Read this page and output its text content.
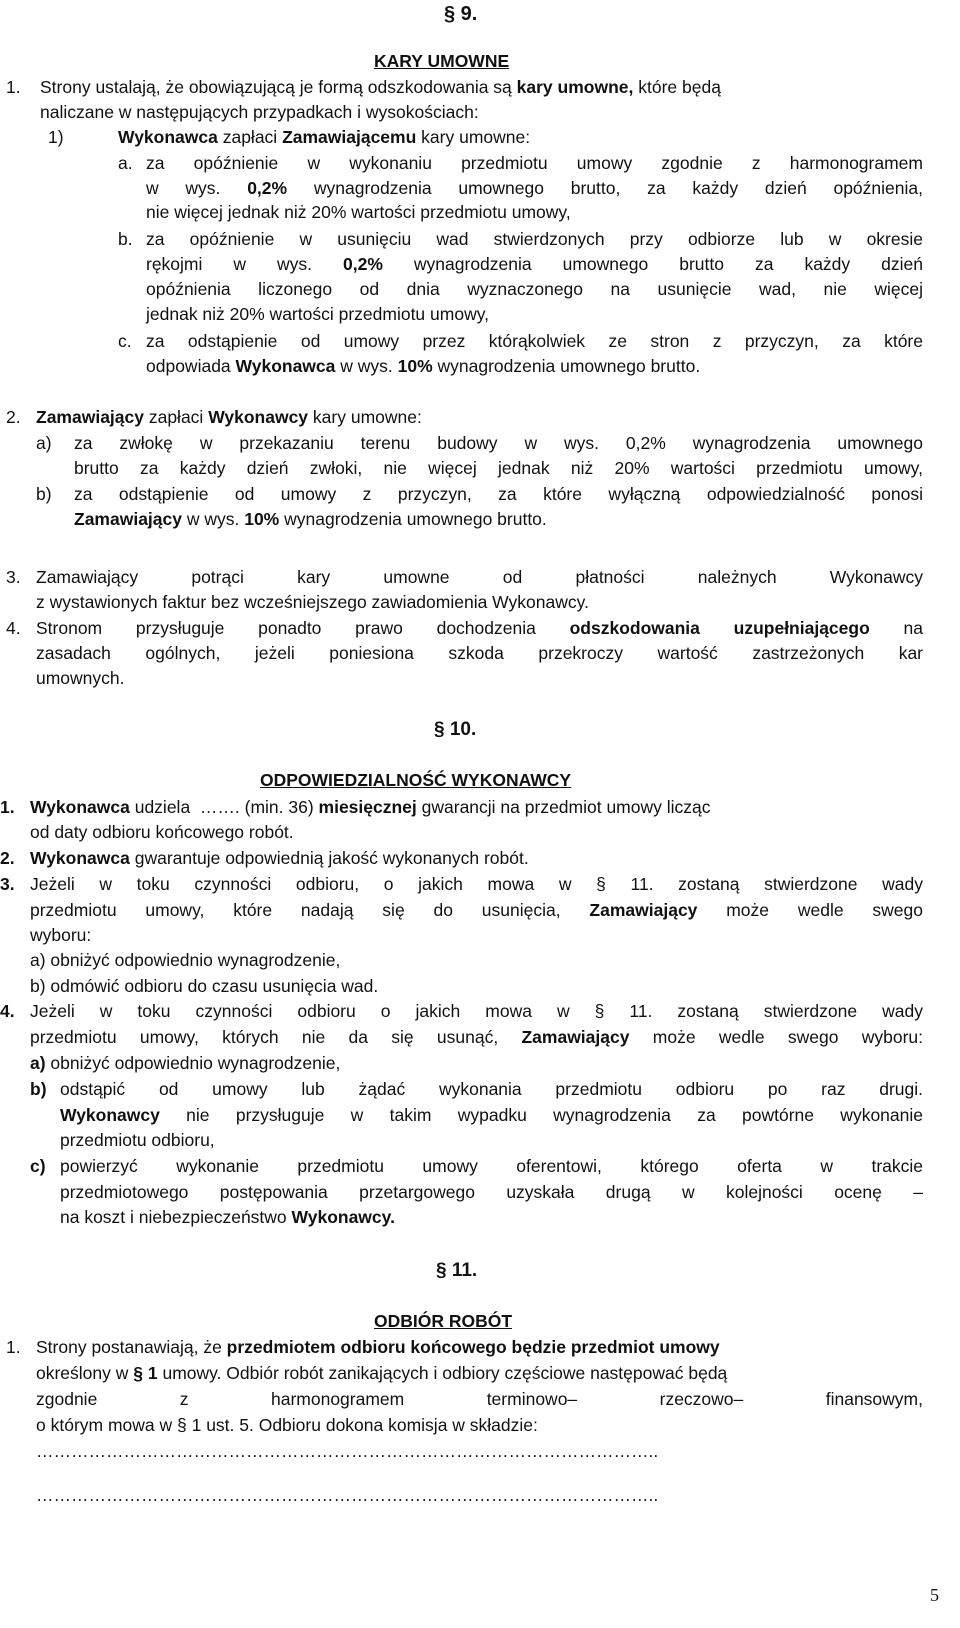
§ 9.
KARY UMOWNE
1. Strony ustalają, że obowiązującą je formą odszkodowania są kary umowne, które będą
naliczane w następujących przypadkach i wysokościach:
1)	Wykonawca zapłaci Zamawiającemu kary umowne:
a. za opóźnienie w wykonaniu przedmiotu umowy zgodnie z harmonogramem
w wys. 0,2% wynagrodzenia umownego brutto, za każdy dzień opóźnienia,
nie więcej jednak niż 20% wartości przedmiotu umowy,
b. za opóźnienie w usunięciu wad stwierdzonych przy odbiorze lub w okresie
rękojmi w wys. 0,2% wynagrodzenia umownego brutto za każdy dzień
opóźnienia liczonego od dnia wyznaczonego na usunięcie wad, nie więcej
jednak niż 20% wartości przedmiotu umowy,
c. za odstąpienie od umowy przez którąkolwiek ze stron z przyczyn, za które
odpowiada Wykonawca w wys. 10% wynagrodzenia umownego brutto.
2. Zamawiający zapłaci Wykonawcy kary umowne:
a) za zwłokę w przekazaniu terenu budowy w wys. 0,2% wynagrodzenia umownego
brutto za każdy dzień zwłoki, nie więcej jednak niż 20% wartości przedmiotu umowy,
b) za odstąpienie od umowy z przyczyn, za które wyłączną odpowiedzialność ponosi
Zamawiający w wys. 10% wynagrodzenia umownego brutto.
3. Zamawiający potrąci kary umowne od płatności należnych Wykonawcy
z wystawionych faktur bez wcześniejszego zawiadomienia Wykonawcy.
4. Stronom przysługuje ponadto prawo dochodzenia odszkodowania uzupełniającego na
zasadach ogólnych, jeżeli poniesiona szkoda przekroczy wartość zastrzeżonych kar
umownych.
§ 10.
ODPOWIEDZIALNOŚĆ WYKONAWCY
1. Wykonawca udziela  ……. (min. 36) miesięcznej gwarancji na przedmiot umowy licząc
od daty odbioru końcowego robót.
2. Wykonawca gwarantuje odpowiednią jakość wykonanych robót.
3. Jeżeli w toku czynności odbioru, o jakich mowa w § 11. zostaną stwierdzone wady
przedmiotu umowy, które nadają się do usunięcia, Zamawiający może wedle swego
wyboru:
a) obniżyć odpowiednio wynagrodzenie,
b) odmówić odbioru do czasu usunięcia wad.
4. Jeżeli w toku czynności odbioru o jakich mowa w § 11. zostaną stwierdzone wady
przedmiotu umowy, których nie da się usunąć, Zamawiający może wedle swego wyboru:
a) obniżyć odpowiednio wynagrodzenie,
b) odstąpić od umowy lub żądać wykonania przedmiotu odbioru po raz drugi.
Wykonawcy nie przysługuje w takim wypadku wynagrodzenia za powtórne wykonanie
przedmiotu odbioru,
c) powierzyć wykonanie przedmiotu umowy oferentowi, którego oferta w trakcie
przedmiotowego postępowania przetargowego uzyskała drugą w kolejności ocenę –
na koszt i niebezpieczeństwo Wykonawcy.
§ 11.
ODBIÓR ROBÓT
1. Strony postanawiają, że przedmiotem odbioru końcowego będzie przedmiot umowy
określony w § 1 umowy. Odbiór robót zanikających i odbiory częściowe następować będą
zgodnie z harmonogramem terminowo– rzeczowo– finansowym,
o którym mowa w § 1 ust. 5. Odbioru dokona komisja w składzie:
……………………………………………………………………………………………..
……………………………………………………………………………………………..
5
